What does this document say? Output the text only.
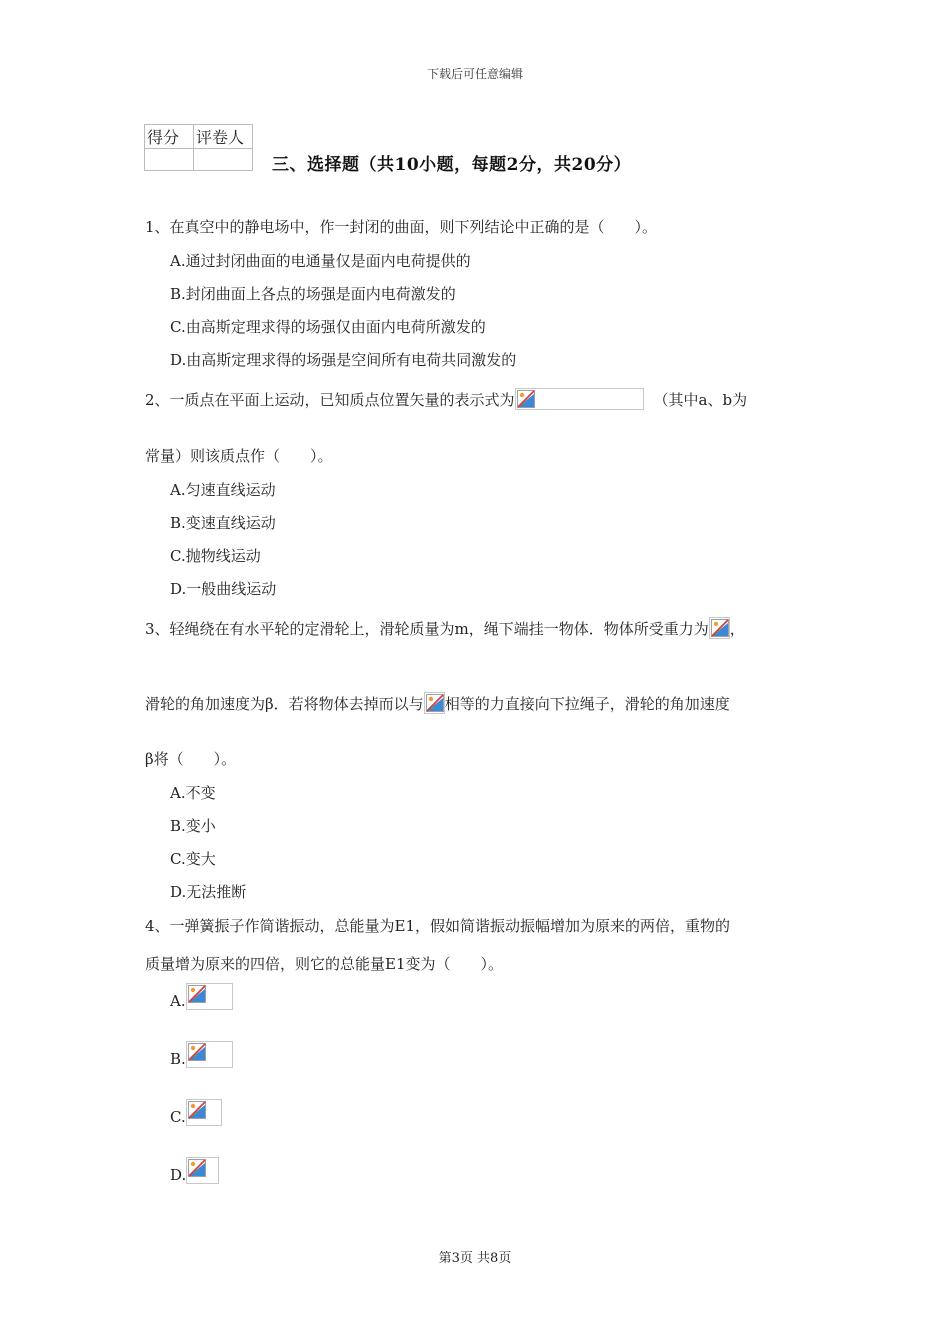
下载后可任意编辑
得分	评卷人

三、选择题（共10小题，每题2分，共20分）
1、在真空中的静电场中，作一封闭的曲面，则下列结论中正确的是（　　）。
A.通过封闭曲面的电通量仅是面内电荷提供的
B.封闭曲面上各点的场强是面内电荷激发的
C.由高斯定理求得的场强仅由面内电荷所激发的
D.由高斯定理求得的场强是空间所有电荷共同激发的
2、一质点在平面上运动，已知质点位置矢量的表示式为	（其中a、b为
常量）则该质点作（　　）。
A.匀速直线运动
B.变速直线运动
C.抛物线运动
D.一般曲线运动
3、轻绳绕在有水平轮的定滑轮上，滑轮质量为m，绳下端挂一物体．物体所受重力为 ，
滑轮的角加速度为β．若将物体去掉而以与 相等的力直接向下拉绳子，滑轮的角加速度
β将（　　）。
A.不变
B.变小
C.变大
D.无法推断
4、一弹簧振子作简谐振动，总能量为E1，假如简谐振动振幅增加为原来的两倍，重物的
质量增为原来的四倍，则它的总能量E1变为（　　）。
A.
B.
C.
D.
第3页 共8页
